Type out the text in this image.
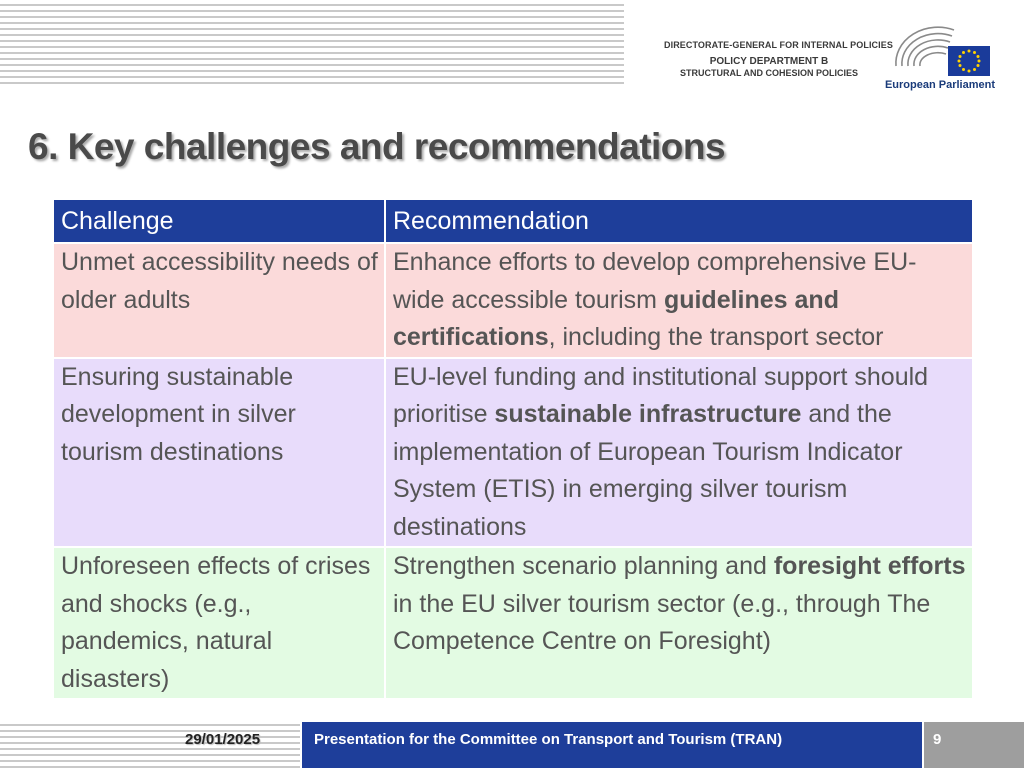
DIRECTORATE-GENERAL FOR INTERNAL POLICIES
POLICY DEPARTMENT B
STRUCTURAL AND COHESION POLICIES
European Parliament
6. Key challenges and recommendations
Challenge	Recommendation
Unmet accessibility needs of older adults	Enhance efforts to develop comprehensive EU-wide accessible tourism guidelines and certifications, including the transport sector
Ensuring sustainable development in silver tourism destinations	EU-level funding and institutional support should prioritise sustainable infrastructure and the implementation of European Tourism Indicator System (ETIS) in emerging silver tourism destinations
Unforeseen effects of crises and shocks (e.g., pandemics, natural disasters)	Strengthen scenario planning and foresight efforts in the EU silver tourism sector (e.g., through The Competence Centre on Foresight)
29/01/2025	Presentation for the Committee on Transport and Tourism (TRAN)	9
